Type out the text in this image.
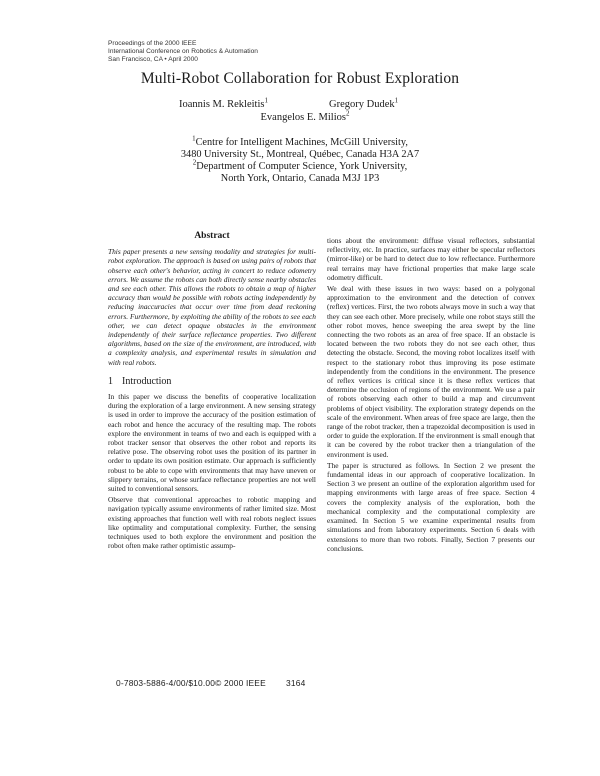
Proceedings of the 2000 IEEE
International Conference on Robotics & Automation
San Francisco, CA • April 2000
Multi-Robot Collaboration for Robust Exploration
Ioannis M. Rekleitis$^1$	Gregory Dudek$^1$
Evangelos E. Milios$^2$
$^1$Centre for Intelligent Machines, McGill University,
3480 University St., Montreal, Québec, Canada H3A 2A7
$^2$Department of Computer Science, York University,
North York, Ontario, Canada M3J 1P3
Abstract

This paper presents a new sensing modality and strategies for multi-robot exploration. The approach is based on using pairs of robots that observe each other's behavior, acting in concert to reduce odometry errors. We assume the robots can both directly sense nearby obstacles and see each other. This allows the robots to obtain a map of higher accuracy than would be possible with robots acting independently by reducing inaccuracies that occur over time from dead reckoning errors. Furthermore, by exploiting the ability of the robots to see each other, we can detect opaque obstacles in the environment independently of their surface reflectance properties. Two different algorithms, based on the size of the environment, are introduced, with a complexity analysis, and experimental results in simulation and with real robots.

1 Introduction

In this paper we discuss the benefits of cooperative localization during the exploration of a large environment. A new sensing strategy is used in order to improve the accuracy of the position estimation of each robot and hence the accuracy of the resulting map. The robots explore the environment in teams of two and each is equipped with a robot tracker sensor that observes the other robot and reports its relative pose. The observing robot uses the position of its partner in order to update its own position estimate. Our approach is sufficiently robust to be able to cope with environments that may have uneven or slippery terrains, or whose surface reflectance properties are not well suited to conventional sensors.

Observe that conventional approaches to robotic mapping and navigation typically assume environments of rather limited size. Most existing approaches that function well with real robots neglect issues like optimality and computational complexity. Further, the sensing techniques used to both explore the environment and position the robot often make rather optimistic assump-

tions about the environment: diffuse visual reflectors, substantial reflectivity, etc. In practice, surfaces may either be specular reflectors (mirror-like) or be hard to detect due to low reflectance. Furthermore real terrains may have frictional properties that make large scale odometry difficult.

We deal with these issues in two ways: based on a polygonal approximation to the environment and the detection of convex (reflex) vertices. First, the two robots always move in such a way that they can see each other. More precisely, while one robot stays still the other robot moves, hence sweeping the area swept by the line connecting the two robots as an area of free space. If an obstacle is located between the two robots they do not see each other, thus detecting the obstacle. Second, the moving robot localizes itself with respect to the stationary robot thus improving its pose estimate independently from the conditions in the environment. The presence of reflex vertices is critical since it is these reflex vertices that determine the occlusion of regions of the environment. We use a pair of robots observing each other to build a map and circumvent problems of object visibility. The exploration strategy depends on the scale of the environment. When areas of free space are large, then the range of the robot tracker, then a trapezoidal decomposition is used in order to guide the exploration. If the environment is small enough that it can be covered by the robot tracker then a triangulation of the environment is used.

The paper is structured as follows. In Section 2 we present the fundamental ideas in our approach of cooperative localization. In Section 3 we present an outline of the exploration algorithm used for mapping environments with large areas of free space. Section 4 covers the complexity analysis of the exploration, both the mechanical complexity and the computational complexity are examined. In Section 5 we examine experimental results from simulations and from laboratory experiments. Section 6 deals with extensions to more than two robots. Finally, Section 7 presents our conclusions.

0-7803-5886-4/00/$10.00© 2000 IEEE 3164
